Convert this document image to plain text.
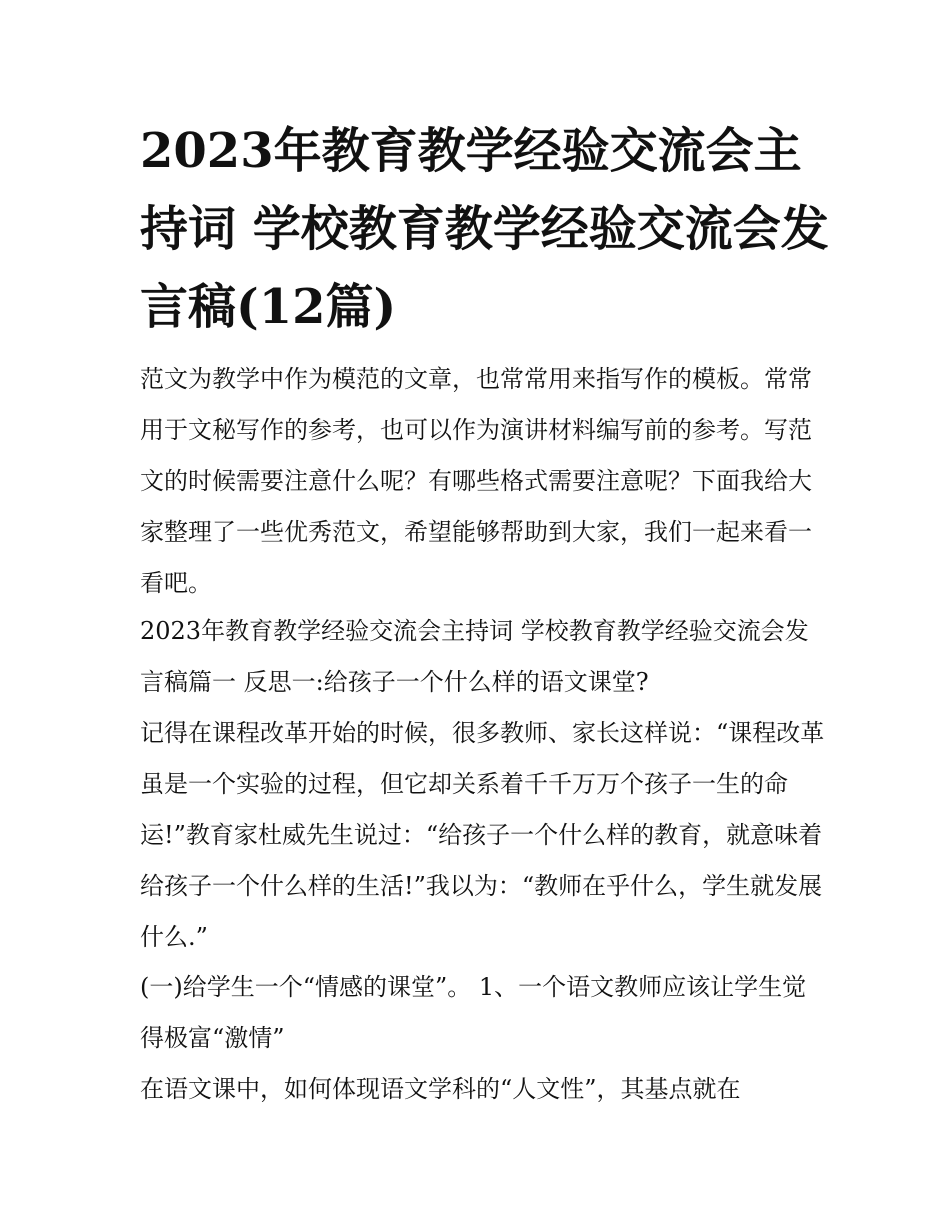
2023年教育教学经验交流会主持词 学校教育教学经验交流会发言稿(12篇)

范文为教学中作为模范的文章，也常常用来指写作的模板。常常用于文秘写作的参考，也可以作为演讲材料编写前的参考。写范文的时候需要注意什么呢？有哪些格式需要注意呢？下面我给大家整理了一些优秀范文，希望能够帮助到大家，我们一起来看一看吧。

2023年教育教学经验交流会主持词 学校教育教学经验交流会发言稿篇一 反思一:给孩子一个什么样的语文课堂?

记得在课程改革开始的时候，很多教师、家长这样说：“课程改革虽是一个实验的过程，但它却关系着千千万万个孩子一生的命运!”教育家杜威先生说过：“给孩子一个什么样的教育，就意味着给孩子一个什么样的生活!”我以为：“教师在乎什么，学生就发展什么.”

(一)给学生一个“情感的课堂”。 1、一个语文教师应该让学生觉得极富“激情”

在语文课中，如何体现语文学科的“人文性”，其基点就在
